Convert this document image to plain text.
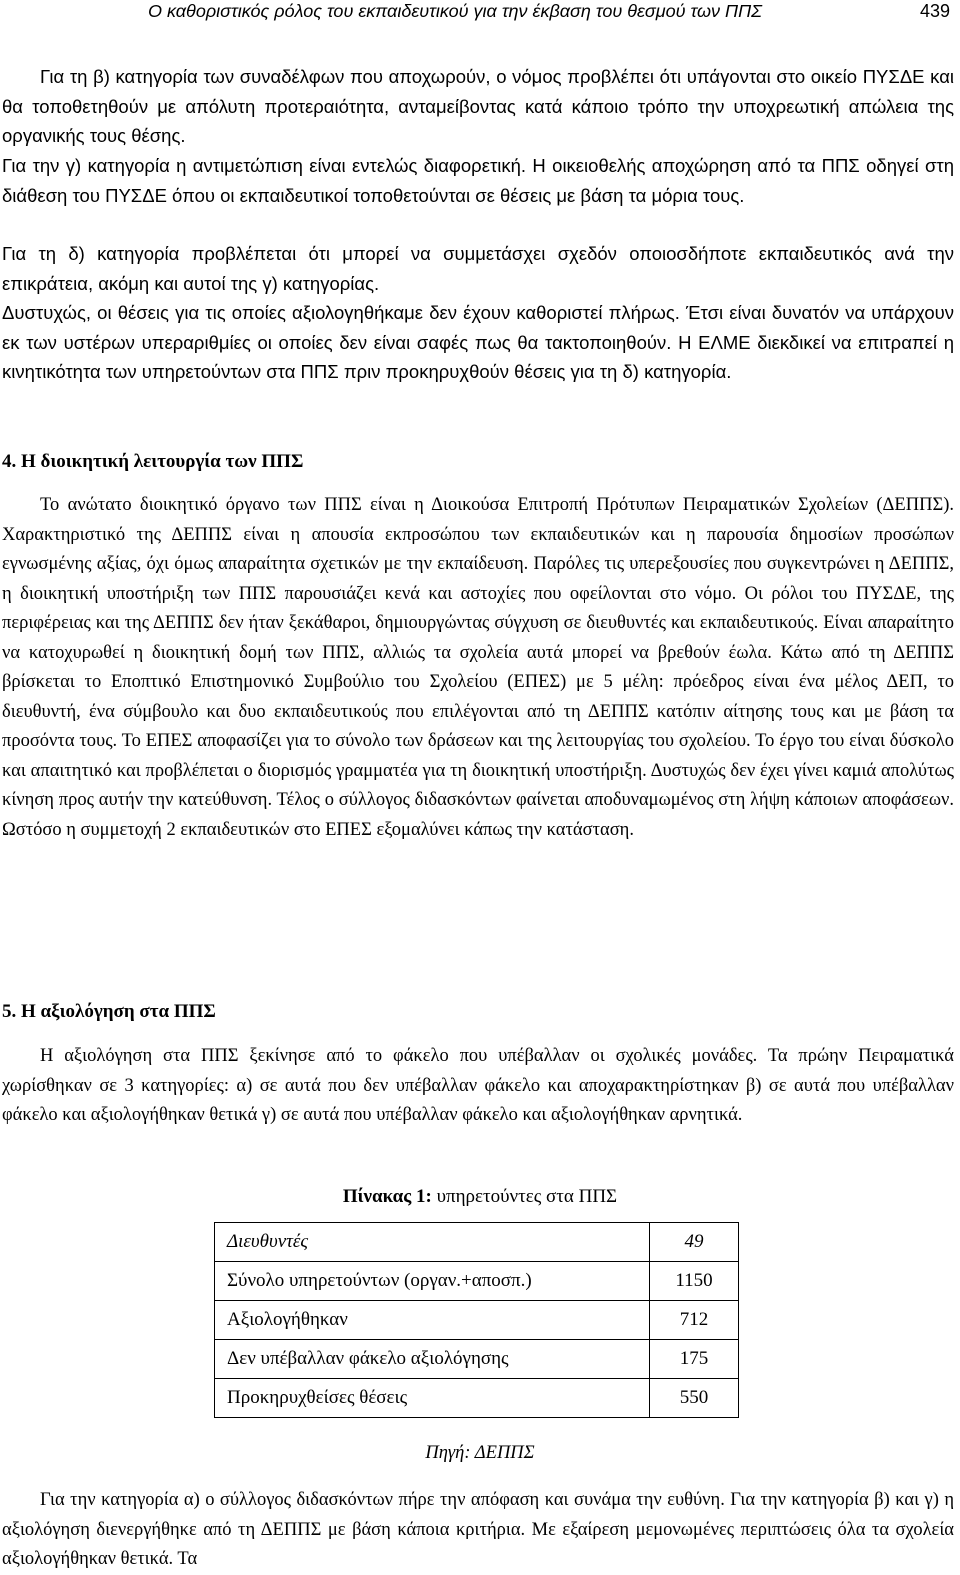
Ο καθοριστικός ρόλος του εκπαιδευτικού για την έκβαση του θεσμού των ΠΠΣ	439

Για τη β) κατηγορία των συναδέλφων που αποχωρούν, ο νόμος προβλέπει ότι υπάγονται στο οικείο ΠΥΣΔΕ και θα τοποθετηθούν με απόλυτη προτεραιότητα, ανταμείβοντας κατά κάποιο τρόπο την υποχρεωτική απώλεια της οργανικής τους θέσης.

Για την γ) κατηγορία η αντιμετώπιση είναι εντελώς διαφορετική. Η οικειοθελής αποχώρηση από τα ΠΠΣ οδηγεί στη διάθεση του ΠΥΣΔΕ όπου οι εκπαιδευτικοί τοποθετούνται σε θέσεις με βάση τα μόρια τους.

Για τη δ) κατηγορία προβλέπεται ότι μπορεί να συμμετάσχει σχεδόν οποιοσδήποτε εκπαιδευτικός ανά την επικράτεια, ακόμη και αυτοί της γ) κατηγορίας.

Δυστυχώς, οι θέσεις για τις οποίες αξιολογηθήκαμε δεν έχουν καθοριστεί πλήρως. Έτσι είναι δυνατόν να υπάρχουν εκ των υστέρων υπεραριθμίες οι οποίες δεν είναι σαφές πως θα τακτοποιηθούν. Η ΕΛΜΕ διεκδικεί να επιτραπεί η κινητικότητα των υπηρετούντων στα ΠΠΣ πριν προκηρυχθούν θέσεις για τη δ) κατηγορία.

4. Η διοικητική λειτουργία των ΠΠΣ

Το ανώτατο διοικητικό όργανο των ΠΠΣ είναι η Διοικούσα Επιτροπή Πρότυπων Πειραματικών Σχολείων (ΔΕΠΠΣ). Χαρακτηριστικό της ΔΕΠΠΣ είναι η απουσία εκπροσώπου των εκπαιδευτικών και η παρουσία δημοσίων προσώπων εγνωσμένης αξίας, όχι όμως απαραίτητα σχετικών με την εκπαίδευση. Παρόλες τις υπερεξουσίες που συγκεντρώνει η ΔΕΠΠΣ, η διοικητική υποστήριξη των ΠΠΣ παρουσιάζει κενά και αστοχίες που οφείλονται στο νόμο. Οι ρόλοι του ΠΥΣΔΕ, της περιφέρειας και της ΔΕΠΠΣ δεν ήταν ξεκάθαροι, δημιουργώντας σύγχυση σε διευθυντές και εκπαιδευτικούς. Είναι απαραίτητο να κατοχυρωθεί η διοικητική δομή των ΠΠΣ, αλλιώς τα σχολεία αυτά μπορεί να βρεθούν έωλα. Κάτω από τη ΔΕΠΠΣ βρίσκεται το Εποπτικό Επιστημονικό Συμβούλιο του Σχολείου (ΕΠΕΣ) με 5 μέλη: πρόεδρος είναι ένα μέλος ΔΕΠ, το διευθυντή, ένα σύμβουλο και δυο εκπαιδευτικούς που επιλέγονται από τη ΔΕΠΠΣ κατόπιν αίτησης τους και με βάση τα προσόντα τους. Το ΕΠΕΣ αποφασίζει για το σύνολο των δράσεων και της λειτουργίας του σχολείου. Το έργο του είναι δύσκολο και απαιτητικό και προβλέπεται ο διορισμός γραμματέα για τη διοικητική υποστήριξη. Δυστυχώς δεν έχει γίνει καμιά απολύτως κίνηση προς αυτήν την κατεύθυνση. Τέλος ο σύλλογος διδασκόντων φαίνεται αποδυναμωμένος στη λήψη κάποιων αποφάσεων. Ωστόσο η συμμετοχή 2 εκπαιδευτικών στο ΕΠΕΣ εξομαλύνει κάπως την κατάσταση.

5. Η αξιολόγηση στα ΠΠΣ

Η αξιολόγηση στα ΠΠΣ ξεκίνησε από το φάκελο που υπέβαλλαν οι σχολικές μονάδες. Τα πρώην Πειραματικά χωρίσθηκαν σε 3 κατηγορίες: α) σε αυτά που δεν υπέβαλλαν φάκελο και αποχαρακτηρίστηκαν β) σε αυτά που υπέβαλλαν φάκελο και αξιολογήθηκαν θετικά γ) σε αυτά που υπέβαλλαν φάκελο και αξιολογήθηκαν αρνητικά.

Πίνακας 1: υπηρετούντες στα ΠΠΣ
Διευθυντές	49
Σύνολο υπηρετούντων (οργαν.+αποσπ.)	1150
Αξιολογήθηκαν	712
Δεν υπέβαλλαν φάκελο αξιολόγησης	175
Προκηρυχθείσες θέσεις	550
Πηγή: ΔΕΠΠΣ

Για την κατηγορία α) ο σύλλογος διδασκόντων πήρε την απόφαση και συνάμα την ευθύνη. Για την κατηγορία β) και γ) η αξιολόγηση διενεργήθηκε από τη ΔΕΠΠΣ με βάση κάποια κριτήρια. Με εξαίρεση μεμονωμένες περιπτώσεις όλα τα σχολεία αξιολογήθηκαν θετικά. Τα
